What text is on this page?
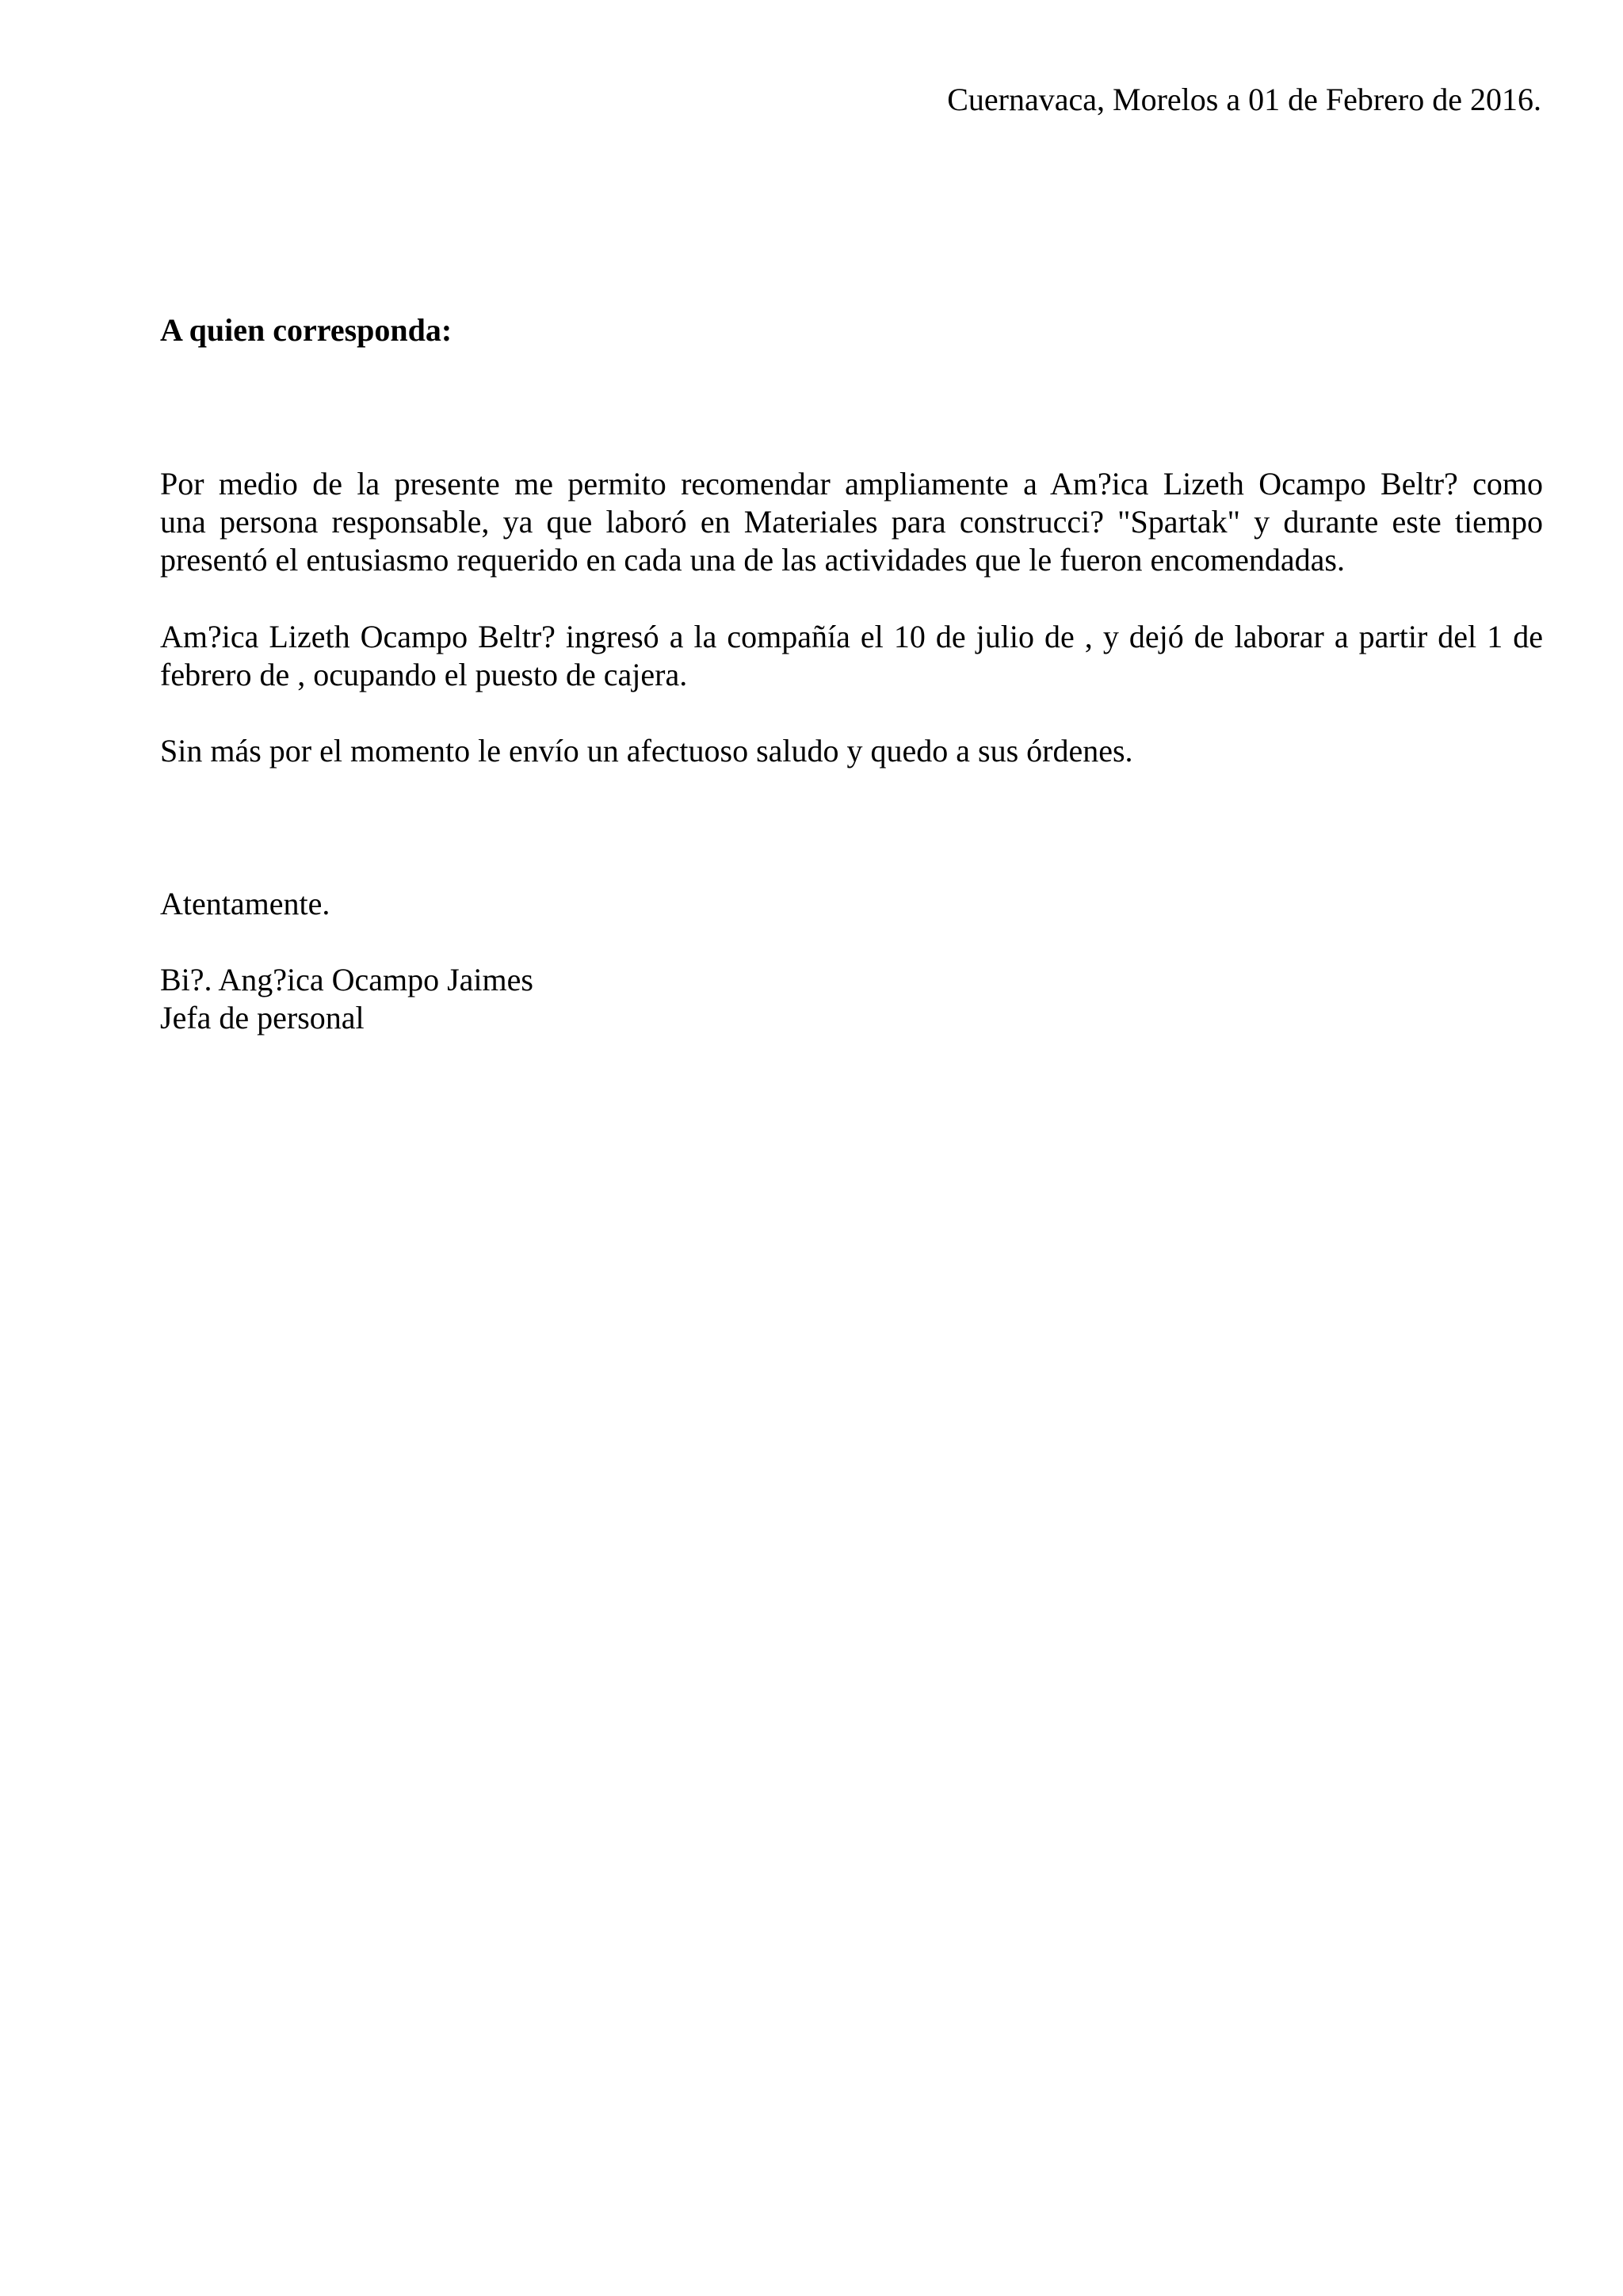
Cuernavaca, Morelos a 01 de Febrero de 2016.

A quien corresponda:

Por medio de la presente me permito recomendar ampliamente a Am?ica Lizeth Ocampo Beltr? como
una persona responsable, ya que laboró en Materiales para construcci? "Spartak" y durante este tiempo
presentó el entusiasmo requerido en cada una de las actividades que le fueron encomendadas.
Am?ica Lizeth Ocampo Beltr? ingresó a la compañía el 10 de julio de , y dejó de laborar a partir del 1 de
febrero de , ocupando el puesto de cajera.
Sin más por el momento le envío un afectuoso saludo y quedo a sus órdenes.

Atentamente.

Bi?. Ang?ica Ocampo Jaimes
Jefa de personal
